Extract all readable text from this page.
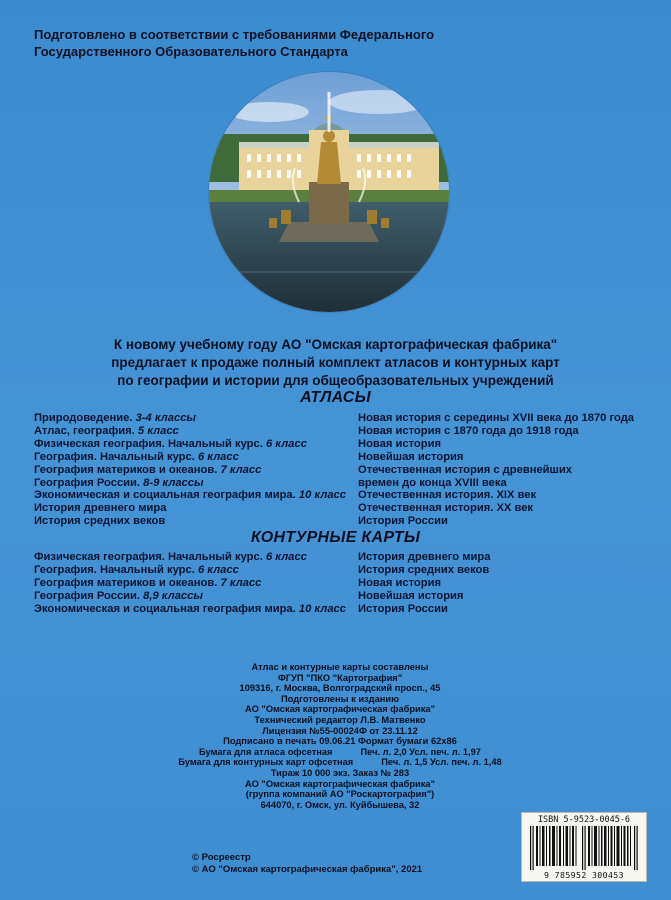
Подготовлено в соответствии с требованиями Федерального
Государственного Образовательного Стандарта
К новому учебному году АО "Омская картографическая фабрика"
предлагает к продаже полный комплект атласов и контурных карт
по географии и истории для общеобразовательных учреждений
АТЛАСЫ
Природоведение. 3-4 классы
Атлас, география. 5 класс
Физическая география. Начальный курс. 6 класс
География. Начальный курс. 6 класс
География материков и океанов. 7 класс
География России. 8-9 классы
Экономическая и социальная география мира. 10 класс
История древнего мира
История средних веков
Новая история с середины XVII века до 1870 года
Новая история с 1870 года до 1918 года
Новая история
Новейшая история
Отечественная история с древнейших
времен до конца XVIII века
Отечественная история. XIX век
Отечественная история. XX век
История России
КОНТУРНЫЕ КАРТЫ
Физическая география. Начальный курс. 6 класс
География. Начальный курс. 6 класс
География материков и океанов. 7 класс
География России. 8,9 классы
Экономическая и социальная география мира. 10 класс
История древнего мира
История средних веков
Новая история
Новейшая история
История России
Атлас и контурные карты составлены
ФГУП "ПКО "Картография"
109316, г. Москва, Волгоградский просп., 45
Подготовлены к изданию
АО "Омская картографическая фабрика"
Технический редактор Л.В. Матвенко
Лицензия №55-00024Ф от 23.11.12
Подписано в печать 09.06.21 Формат бумаги 62х86
Бумага для атласа офсетная	Печ. л. 2,0 Усл. печ. л. 1,97
Бумага для контурных карт офсетная	Печ. л. 1,5 Усл. печ. л. 1,48
Тираж 10 000 экз. Заказ № 283
АО "Омская картографическая фабрика"
(группа компаний АО "Роскартография")
644070, г. Омск, ул. Куйбышева, 32
ISBN 5-9523-0045-6
9 785952 300453
© Росреестр
© АО "Омская картографическая фабрика", 2021
